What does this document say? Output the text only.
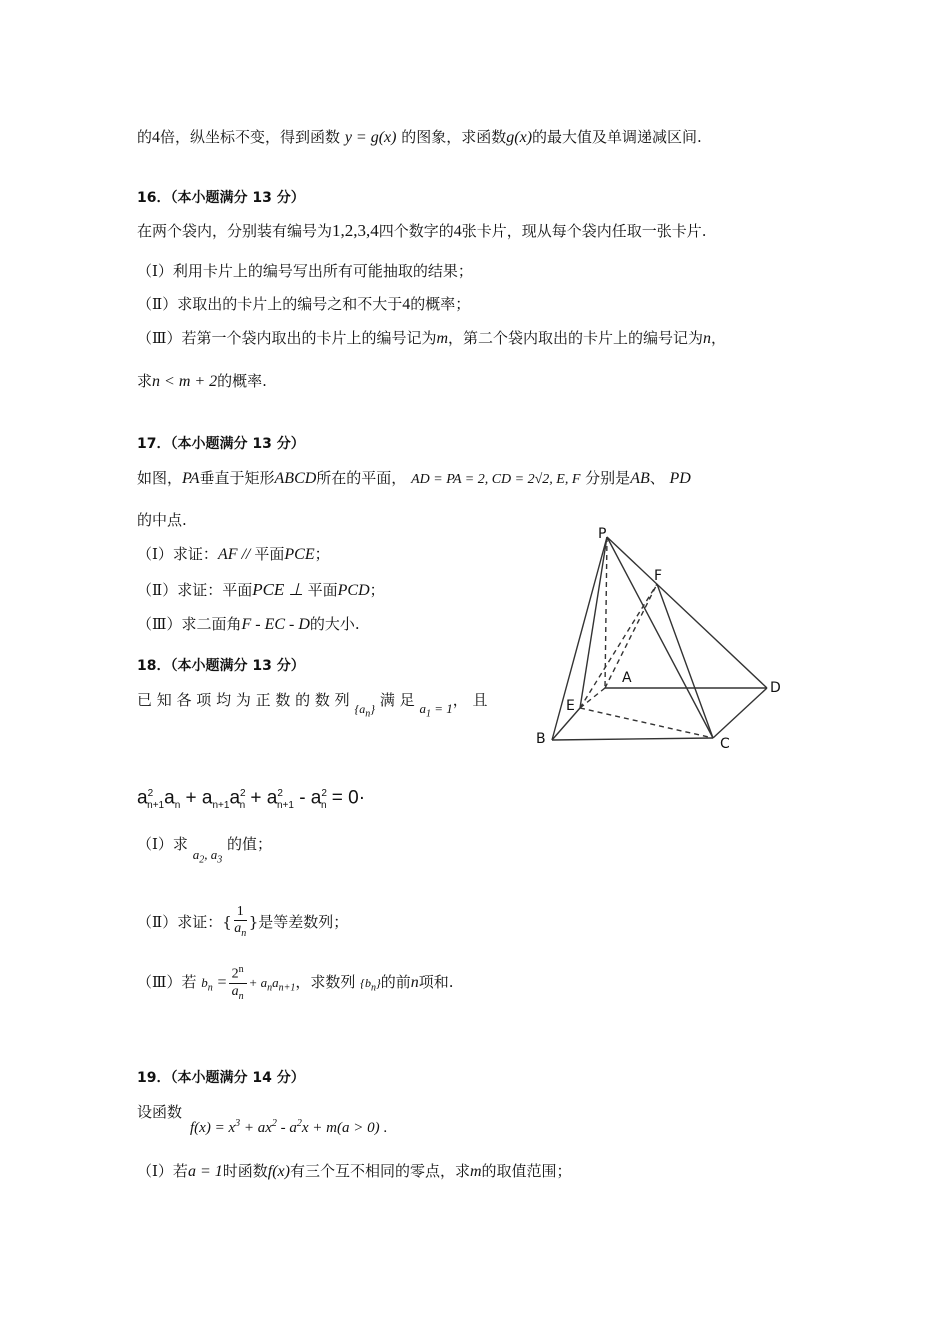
的4倍，纵坐标不变，得到函数 y = g(x) 的图象，求函数g(x)的最大值及单调递减区间.
16．（本小题满分 13 分）
在两个袋内，分别装有编号为1,2,3,4四个数字的4张卡片，现从每个袋内任取一张卡片.
（Ⅰ）利用卡片上的编号写出所有可能抽取的结果；
（Ⅱ）求取出的卡片上的编号之和不大于4的概率；
（Ⅲ）若第一个袋内取出的卡片上的编号记为m，第二个袋内取出的卡片上的编号记为n，
求n < m + 2的概率.
17．（本小题满分 13 分）
如图，PA垂直于矩形ABCD所在的平面， AD = PA = 2, CD = 2√2, E, F 分别是AB、 PD
的中点.
（Ⅰ）求证：AF // 平面PCE；
（Ⅱ）求证：平面PCE ⊥ 平面PCD；
（Ⅲ）求二面角F - EC - D的大小.
18．（本小题满分 13 分）
已 知 各 项 均 为 正 数 的 数 列 $_{\{a_n\}}$ 满 足 $a_1 = 1$， 且
$a^2_{n+1}a_n + a_{n+1}a^2_n + a^2_{n+1} - a^2_n = 0\cdot$
（Ⅰ）求 $a_2$, $a_3$ 的值；
（Ⅱ）求证：{ $\frac{1}{a_n}$ }是等差数列；
（Ⅲ）若 $b_n = \frac{2^n}{a_n} + a_na_{n+1}$，求数列 $\{b_n\}$的前n项和.
19．（本小题满分 14 分）
设函数
$f(x) = x^3 + ax^2 - a^2x + m(a > 0)$ .
（Ⅰ）若a = 1时函数f(x)有三个互不相同的零点，求m的取值范围；
P
F
A
D
E
B	C
